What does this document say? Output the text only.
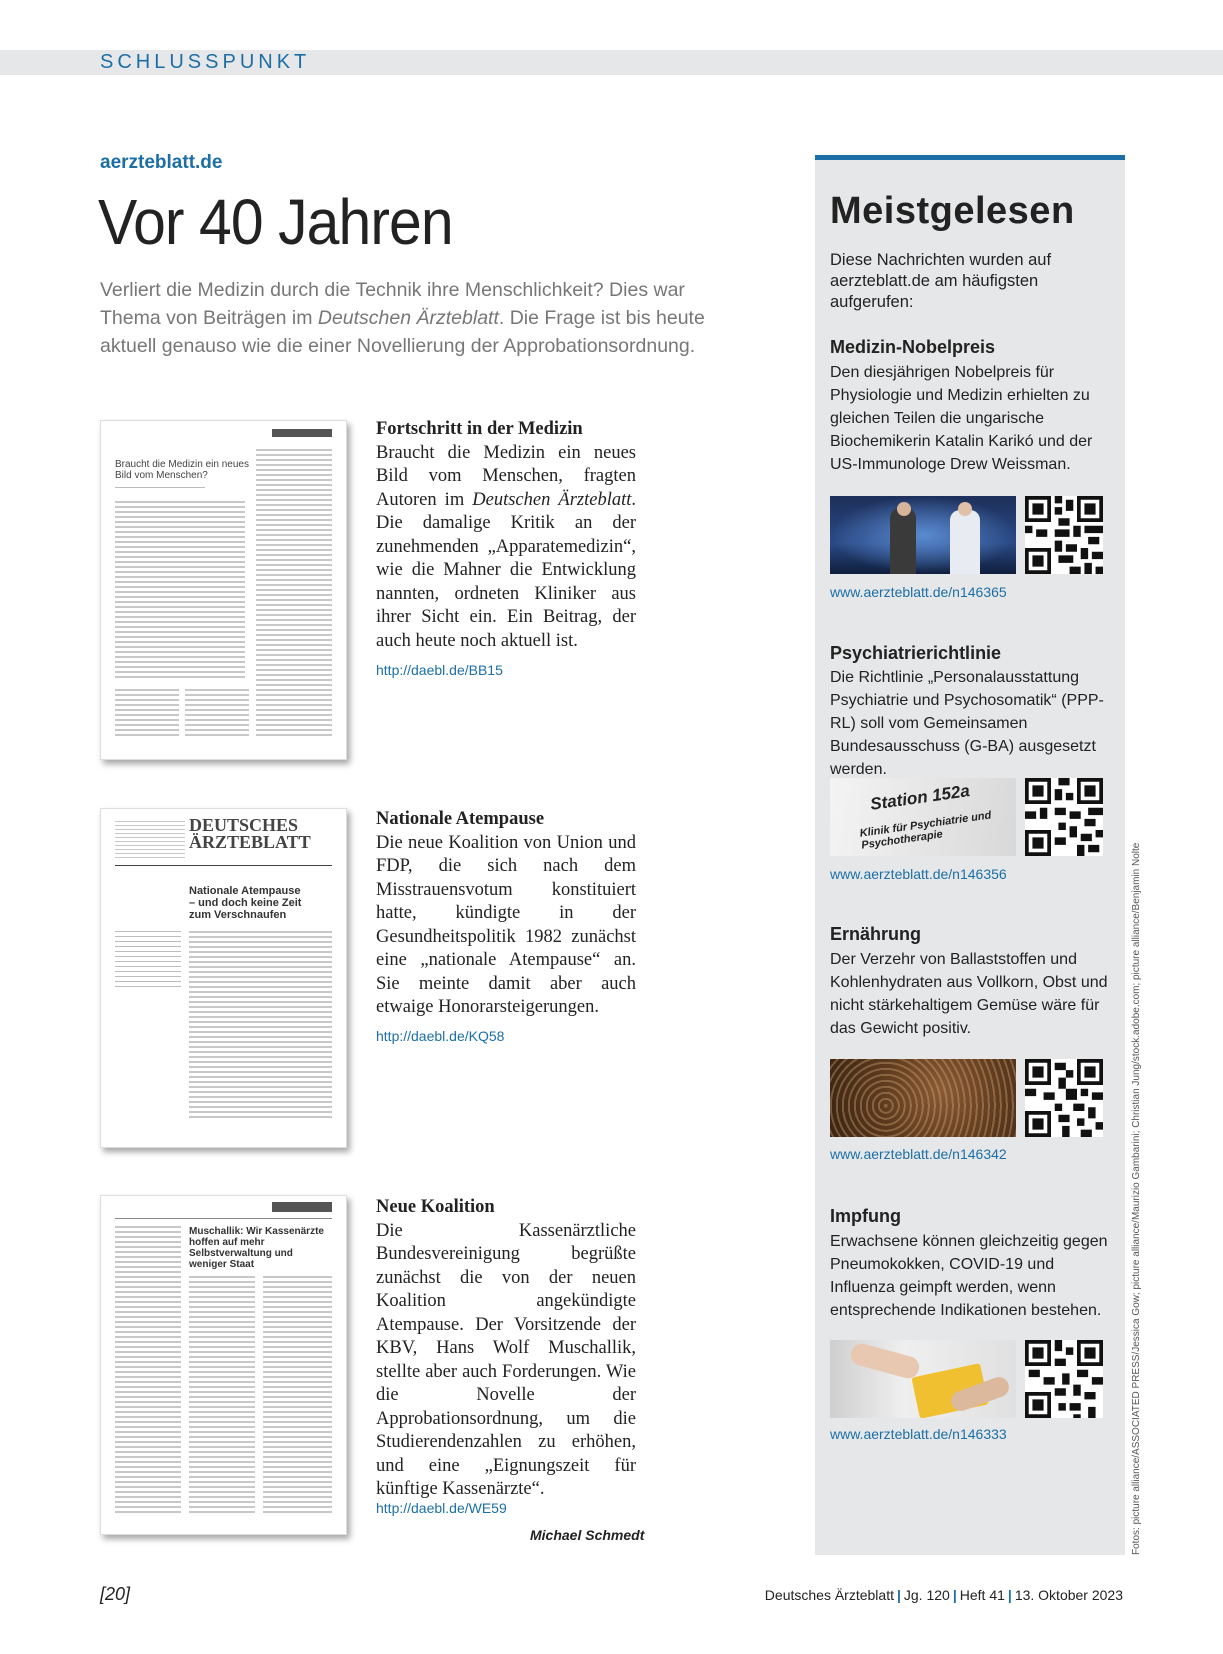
SCHLUSSPUNKT
aerzteblatt.de
Vor 40 Jahren
Verliert die Medizin durch die Technik ihre Menschlichkeit? Dies war Thema von Beiträgen im Deutschen Ärzteblatt. Die Frage ist bis heute aktuell genauso wie die einer Novellierung der Approbationsordnung.
Braucht die Medizin ein neues Bild vom Menschen?
Fortschritt in der Medizin

Braucht die Medizin ein neues Bild vom Menschen, fragten Autoren im Deutschen Ärzteblatt. Die damalige Kritik an der zunehmenden „Apparatemedizin“, wie die Mahner die Entwicklung nannten, ordneten Kliniker aus ihrer Sicht ein. Ein Beitrag, der auch heute noch aktuell ist.

http://daebl.de/BB15
DEUTSCHES ÄRZTEBLATT
Nationale Atempause – und doch keine Zeit zum Verschnaufen
Nationale Atempause

Die neue Koalition von Union und FDP, die sich nach dem Misstrauensvotum konstituiert hatte, kündigte in der Gesundheitspolitik 1982 zunächst eine „nationale Atempause“ an. Sie meinte damit aber auch etwaige Honorarsteigerungen.

http://daebl.de/KQ58
Muschallik: Wir Kassenärzte hoffen auf mehr Selbstverwaltung und weniger Staat
Neue Koalition

Die Kassenärztliche Bundesvereinigung begrüßte zunächst die von der neuen Koalition angekündigte Atempause. Der Vorsitzende der KBV, Hans Wolf Muschallik, stellte aber auch Forderungen. Wie die Novelle der Approbationsordnung, um die Studierendenzahlen zu erhöhen, und eine „Eignungszeit für künftige Kassenärzte“.

http://daebl.de/WE59
Michael Schmedt
Meistgelesen
Diese Nachrichten wurden auf aerzteblatt.de am häufigsten aufgerufen:
Medizin-Nobelpreis
Den diesjährigen Nobelpreis für Physiologie und Medizin erhielten zu gleichen Teilen die ungarische Biochemikerin Katalin Karikó und der US-Immunologe Drew Weissman.
www.aerzteblatt.de/n146365
Psychiatrierichtlinie
Die Richtlinie „Personalausstattung Psychiatrie und Psychosomatik“ (PPP-RL) soll vom Gemeinsamen Bundesausschuss (G-BA) ausgesetzt werden.
Station 152a
Klinik für Psychiatrie und Psychotherapie
www.aerzteblatt.de/n146356
Ernährung
Der Verzehr von Ballaststoffen und Kohlenhydraten aus Vollkorn, Obst und nicht stärkehaltigem Gemüse wäre für das Gewicht positiv.
www.aerzteblatt.de/n146342
Impfung
Erwachsene können gleichzeitig gegen Pneumokokken, COVID-19 und Influenza geimpft werden, wenn entsprechende Indikationen bestehen.
www.aerzteblatt.de/n146333	Fotos: picture alliance/ASSOCIATED PRESS/Jessica Gow; picture alliance/Maurizio Gambarini; Christian Jung/stock.adobe.com; picture alliance/Benjamin Nolte
[20]	Deutsches Ärzteblatt | Jg. 120 | Heft 41 | 13. Oktober 2023
